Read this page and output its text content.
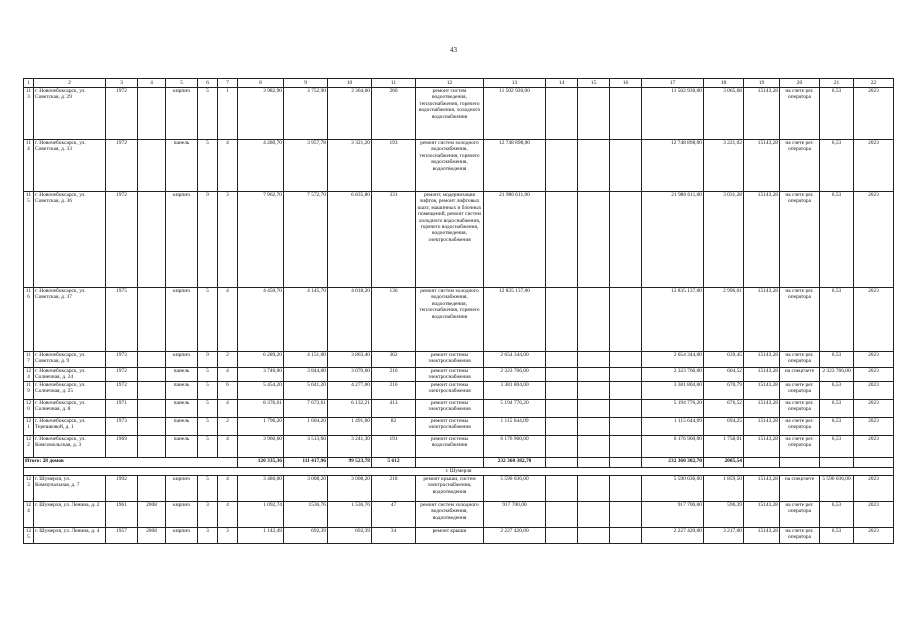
43
1	2	3	4	5	6	7	8	9	10	11	12	13	14	15	16	17	18	19	20	21	22
113	г. Новочебоксарск, ул. Советская, д. 29	1972		кирпич	5	1	3 982,90	3 752,90	3 364,60	260	ремонт систем водоотведения, теплоснабжения, горячего водоснабжения, холодного водоснабжения	11 502 930,00				11 502 930,00	3 065,08	15143,28	на счете рег. оператора	6,53	2023
114	г. Новочебоксарск, ул. Советская, д. 33	1972		панель	5	4	4 280,70	3 957,78	3 321,20	193	ремонт систем холодного водоснабжения, теплоснабжения, горячего водоснабжения, водоотведения	12 748 898,00				12 748 898,00	3 221,02	15143,28	на счете рег. оператора	6,53	2023
115	г. Новочебоксарск, ул. Советская, д. 36	1972		кирпич	9	3	7 962,70	7 572,70	6 835,80	331	ремонт, модернизация лифтов, ремонт лифтовых шахт, машинных и блочных помещений, ремонт систем холодного водоснабжения, горячего водоснабжения, водоотведения, электроснабжения	21 986 611,00				21 986 611,00	3 031,28	15143,28	на счете рег. оператора	6,53	2023
116	г. Новочебоксарск, ул. Советская, д. 37	1975		кирпич	5	4	4 450,70	4 145,70	4 018,20	136	ремонт систем холодного водоснабжения, водоотведения, теплоснабжения, горячего водоснабжения	12 835 137,00				12 835 137,00	2 996,01	15143,28	на счете рег. оператора	6,53	2023
117	г. Новочебоксарск, ул. Советская, д. 9	1973		кирпич	9	2	6 289,20	4 151,00	3 863,40	362	ремонт системы электроснабжения	2 654 344,00				2 654 344,00	639,45	15143,28	на счете рег. оператора	6,53	2023
124	г. Новочебоксарск, ул. Солнечная, д. 24	1972		панель	5	4	3 746,00	3 844,00	3 070,60	216	ремонт системы электроснабжения	2 323 766,00				2 323 766,00	604,52	15143,28	на спецсчете	2 323 766,00	2023
119	г. Новочебоксарск, ул. Солнечная, д. 25	1972		панель	5	6	5 454,20	5 041,20	4 277,00	216	ремонт системы электроснабжения	3 381 804,00				3 381 804,00	670,79	15143,28	на счете рег. оператора	6,53	2023
120	г. Новочебоксарск, ул. Солнечная, д. 8	1971		панель	5	4	8 376,61	7 673,61	6 132,21	413	ремонт системы электроснабжения	5 194 776,20				5 194 776,20	676,52	15143,28	на счете рег. оператора	6,53	2023
121	г. Новочебоксарск, ул. Терешковой, д. 1	1973		панель	5	2	1 796,20	1 604,20	1 491,60	82	ремонт системы электроснабжения	1 115 644,09				1 115 644,09	694,25	15143,28	на счете рег. оператора	6,53	2023
122	г. Новочебоксарск, ул. Комсомольская, д. 3	1969		панель	5	4	3 960,60	3 513,60	3 241,30	191	ремонт системы водоснабжения	6 176 960,00				6 176 960,00	1 758,01	15143,28	на счете рег. оператора	6,53	2023
Итого: 28 домов							120 335,36	111 417,96	99 523,78	5 612		232 360 382,70				232 360 382,70	2085,54				
г. Шумерля																					
123	г. Шумерля, ул. Коммунальная, д. 7	1992		кирпич	5	4	3 486,00	3 008,20	3 008,20	218	ремонт крыши, систем электроснабжения, водоотведения	5 590 036,00				5 590 036,00	1 859,50	15143,28	на спецсчете	5 590 036,00	2023
124	г. Шумерля, ул. Ленина, д. 2	1961	2008	кирпич	3	4	1 092,74	1536,76	1 536,76	47	ремонт систем холодного водоснабжения, водоотведения	917 700,00				917 700,00	596,39	15143,28	на счете рег. оператора	6,53	2023
125	г. Шумерля, ул. Ленина, д. 4	1957	2008	кирпич	3	3	1 142,49	692,39	692,39	34	ремонт крыши	2 227 420,00				2 227 420,00	3 217,00	15143,28	на счете рег. оператора	6,53	2023
